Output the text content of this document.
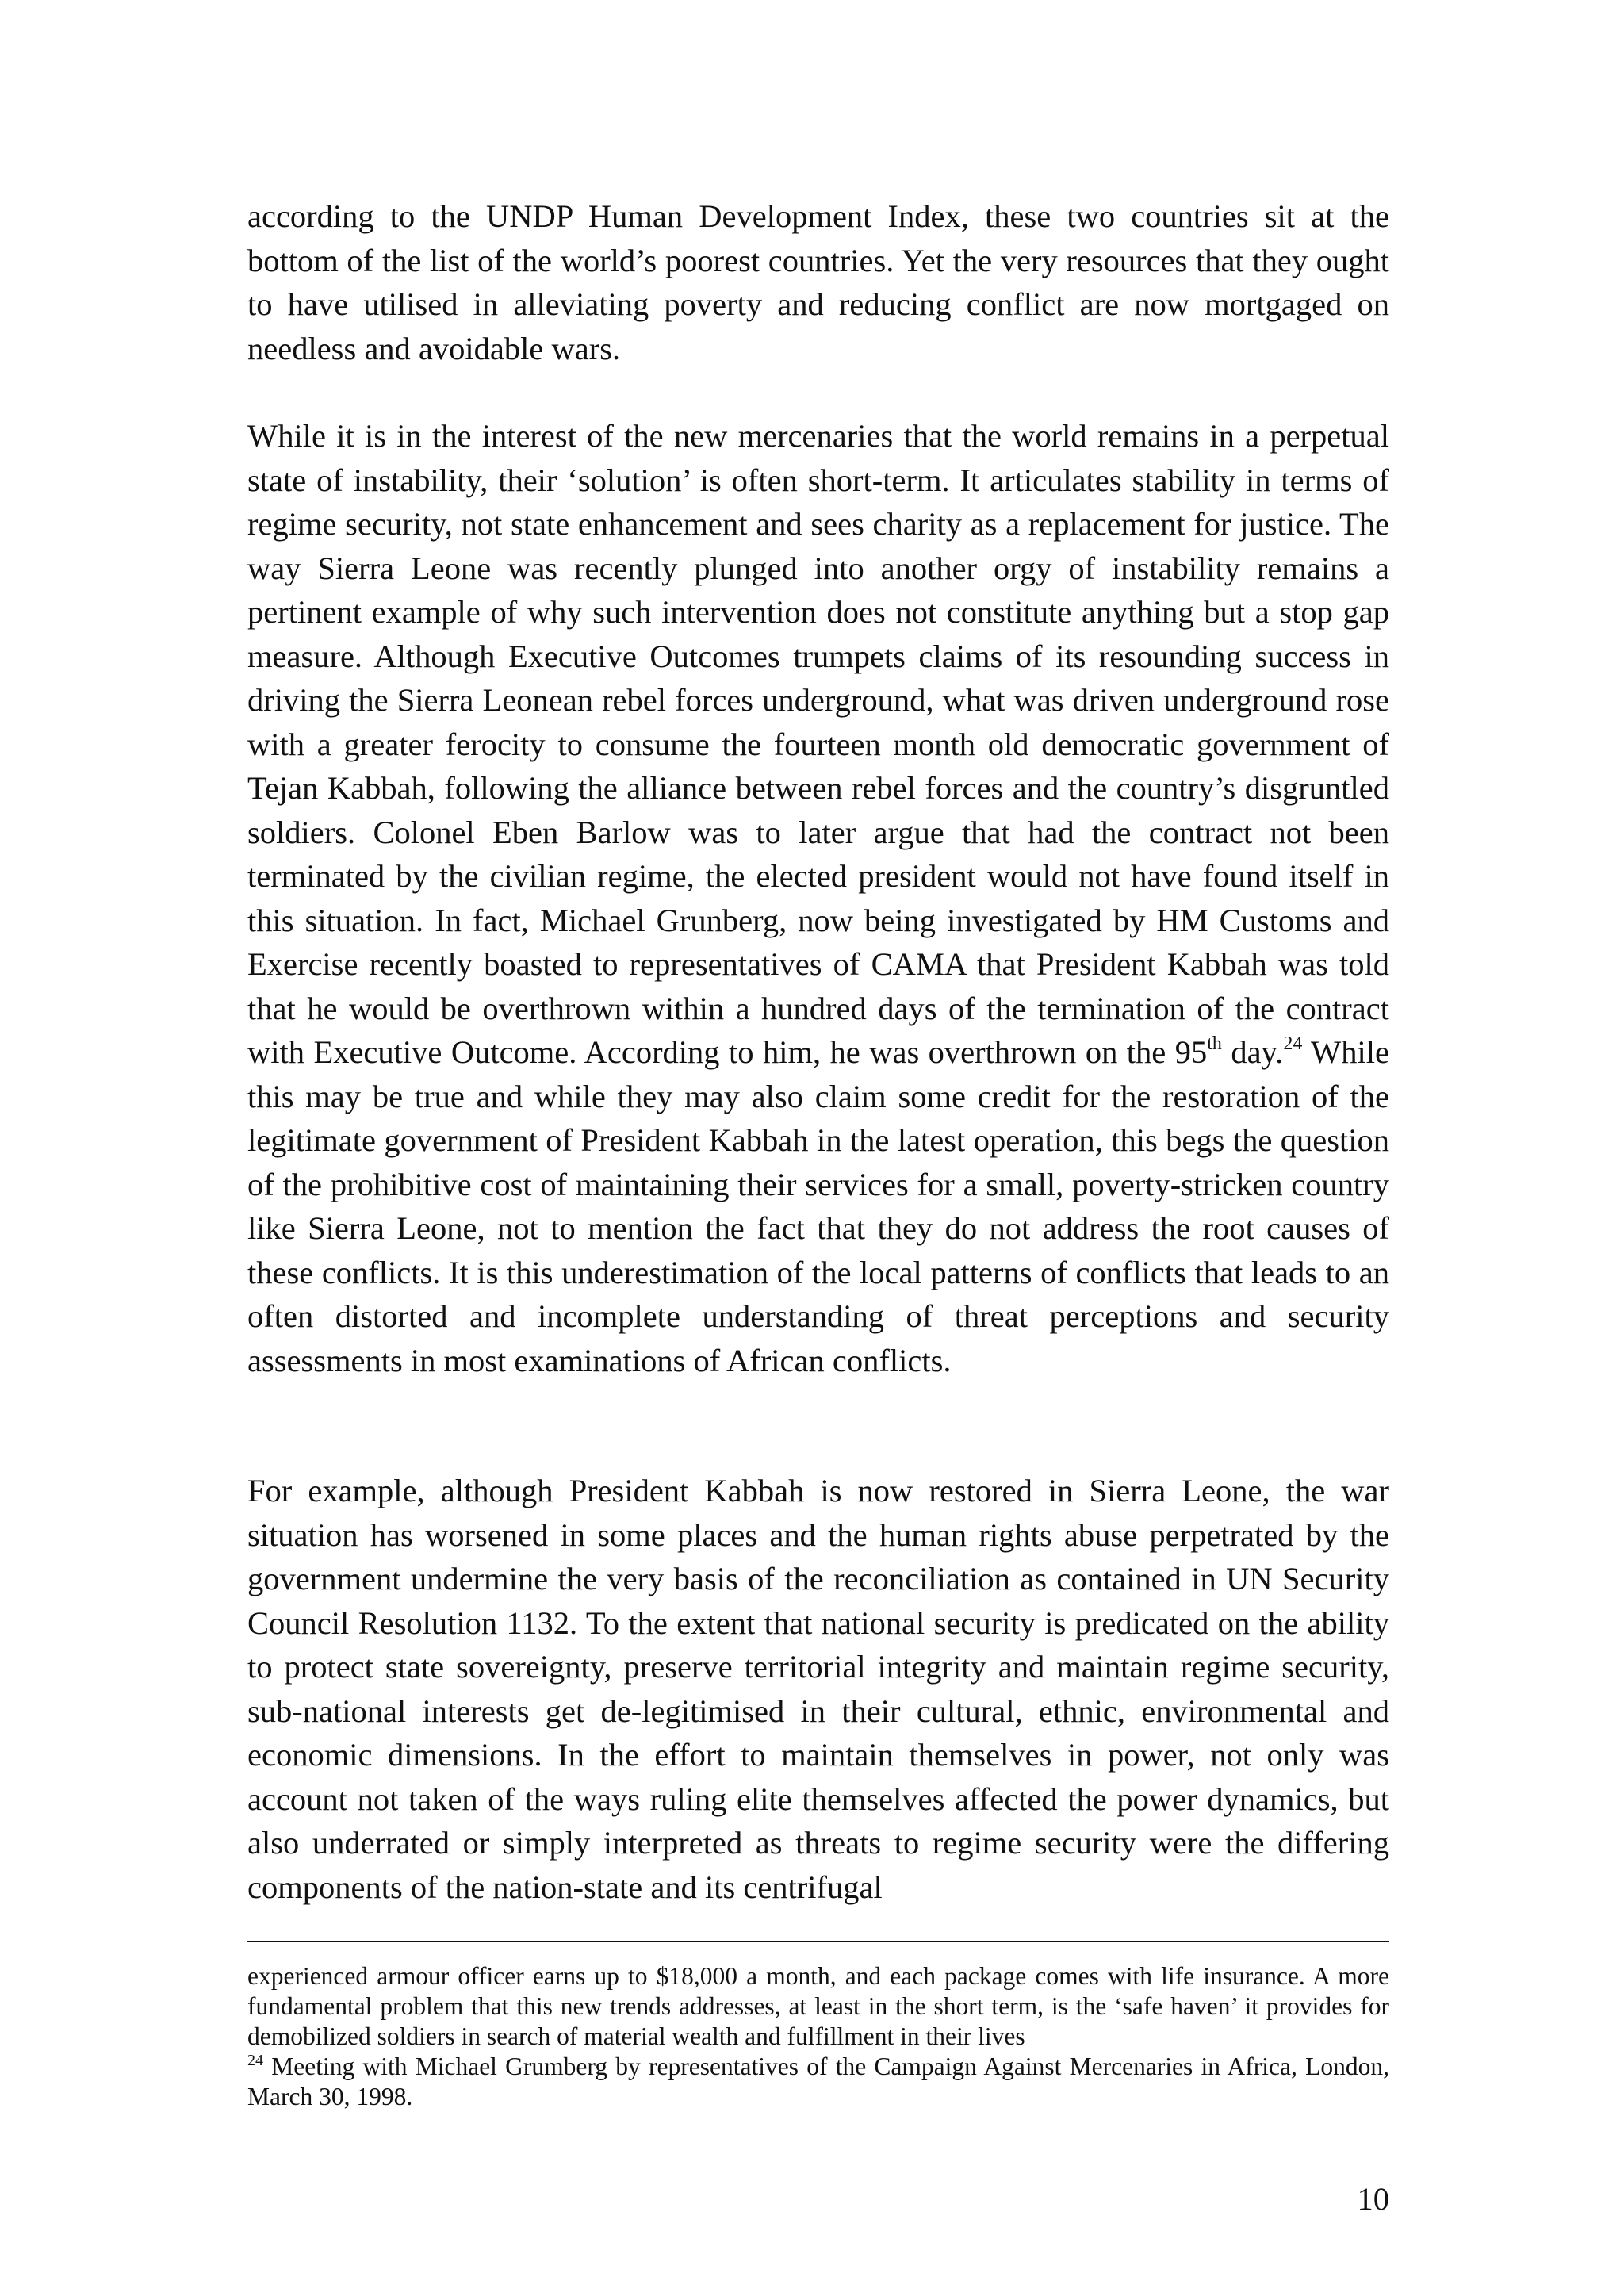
according to the UNDP Human Development Index, these two countries sit at the bottom of the list of the world’s poorest countries. Yet the very resources that they ought to have utilised in alleviating poverty and reducing conflict are now mortgaged on needless and avoidable wars.

While it is in the interest of the new mercenaries that the world remains in a perpetual state of instability, their ‘solution’ is often short-term. It articulates stability in terms of regime security, not state enhancement and sees charity as a replacement for justice. The way Sierra Leone was recently plunged into another orgy of instability remains a pertinent example of why such intervention does not constitute anything but a stop gap measure. Although Executive Outcomes trumpets claims of its resounding success in driving the Sierra Leonean rebel forces underground, what was driven underground rose with a greater ferocity to consume the fourteen month old democratic government of Tejan Kabbah, following the alliance between rebel forces and the country’s disgruntled soldiers. Colonel Eben Barlow was to later argue that had the contract not been terminated by the civilian regime, the elected president would not have found itself in this situation. In fact, Michael Grunberg, now being investigated by HM Customs and Exercise recently boasted to representatives of CAMA that President Kabbah was told that he would be overthrown within a hundred days of the termination of the contract with Executive Outcome. According to him, he was overthrown on the 95th day.$^{24}$ While this may be true and while they may also claim some credit for the restoration of the legitimate government of President Kabbah in the latest operation, this begs the question of the prohibitive cost of maintaining their services for a small, poverty-stricken country like Sierra Leone, not to mention the fact that they do not address the root causes of these conflicts. It is this underestimation of the local patterns of conflicts that leads to an often distorted and incomplete understanding of threat perceptions and security assessments in most examinations of African conflicts.

For example, although President Kabbah is now restored in Sierra Leone, the war situation has worsened in some places and the human rights abuse perpetrated by the government undermine the very basis of the reconciliation as contained in UN Security Council Resolution 1132. To the extent that national security is predicated on the ability to protect state sovereignty, preserve territorial integrity and maintain regime security, sub-national interests get de-legitimised in their cultural, ethnic, environmental and economic dimensions. In the effort to maintain themselves in power, not only was account not taken of the ways ruling elite themselves affected the power dynamics, but also underrated or simply interpreted as threats to regime security were the differing components of the nation-state and its centrifugal

experienced armour officer earns up to $18,000 a month, and each package comes with life insurance. A more fundamental problem that this new trends addresses, at least in the short term, is the ‘safe haven’ it provides for demobilized soldiers in search of material wealth and fulfillment in their lives

$^{24}$ Meeting with Michael Grumberg by representatives of the Campaign Against Mercenaries in Africa, London, March 30, 1998.

10
